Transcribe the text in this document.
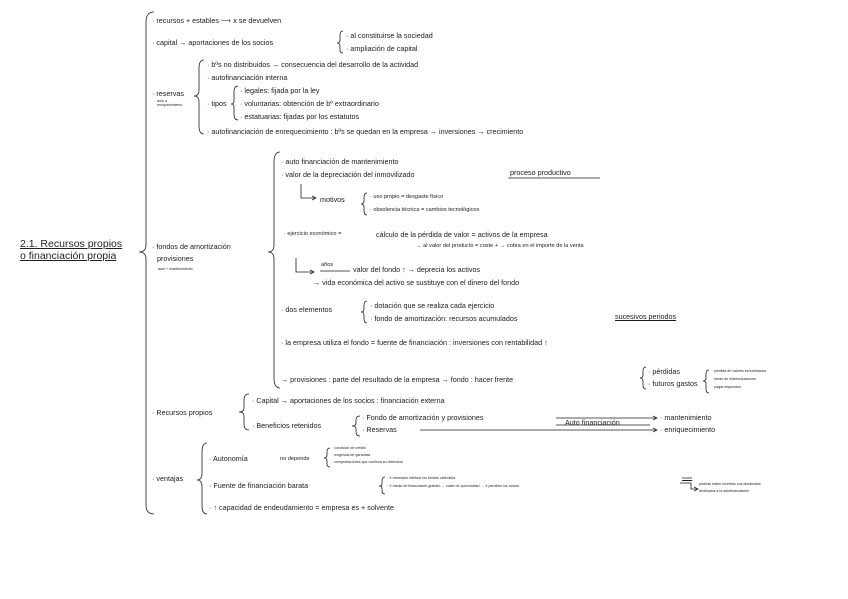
2.1. Recursos propios
o financiación propia
· recursos + estables ⟶ x se devuelven
· capital → aportaciones de los socios
· al constituirse la sociedad
· ampliación de capital
· reservas
auto a enriquecimiento
· bºs no distribuidos → consecuencia del desarrollo de la actividad
· autofinanciación interna
· tipos
· legales: fijada por la ley
· voluntarias: obtención de bº extraordinario
· estatuarias: fijadas por los estatutos
· autofinanciación de enrequecimiento : bºs se quedan en la empresa → inversiones → crecimiento
· fondos de amortización
provisiones
auto + mantenimiento
· auto financiación de mantenimiento
· valor de la depreciación del inmovilizado	proceso productivo
motivos	· uso propio = desgaste físico
· obsolencia técnica = cambios tecnológicos
· ejercicio económico =	cálculo de la pérdida de valor = activos de la empresa
→ al valor del producto = coste + → cobra en el importe de la venta
años	valor del fondo ↑ → deprecia los activos
→ vida económica del activo se sustituye con el dinero del fondo
· dos elementos	· dotación que se realiza cada ejercicio
· fondo de amortización: recursos acumulados	sucesivos periodos
· la empresa utiliza el fondo = fuente de financiación : inversiones con rentabilidad ↑
→ provisiones : parte del resultado de la empresa → fondo : hacer frente
· pérdidas
· futuros gastos
· pérdida de valores inmovilizados
· fondo de indemnizaciones
· pagar impuestos
· Recursos propios
· Capital → aportaciones de los socios : financiación externa
· Beneficios retenidos
· Fondo de amortización y provisiones
· Reservas
Auto financiación
· mantenimiento
· enriquecimiento
· ventajas
· Autonomía	no depende
· condición de crédito
· exigencia de garantías
· comprobaciones que conlleva su obtención
· Fuente de financiación barata
· X necesario retribuir los fondos obtenidos
· X medio de financiación gratuito → coste de oportunidad → X perciben los socios
socios
podrían haber invertido sus dividendos
dedicados a la autofinanciación
· ↑ capacidad de endeudamiento = empresa es + solvente
